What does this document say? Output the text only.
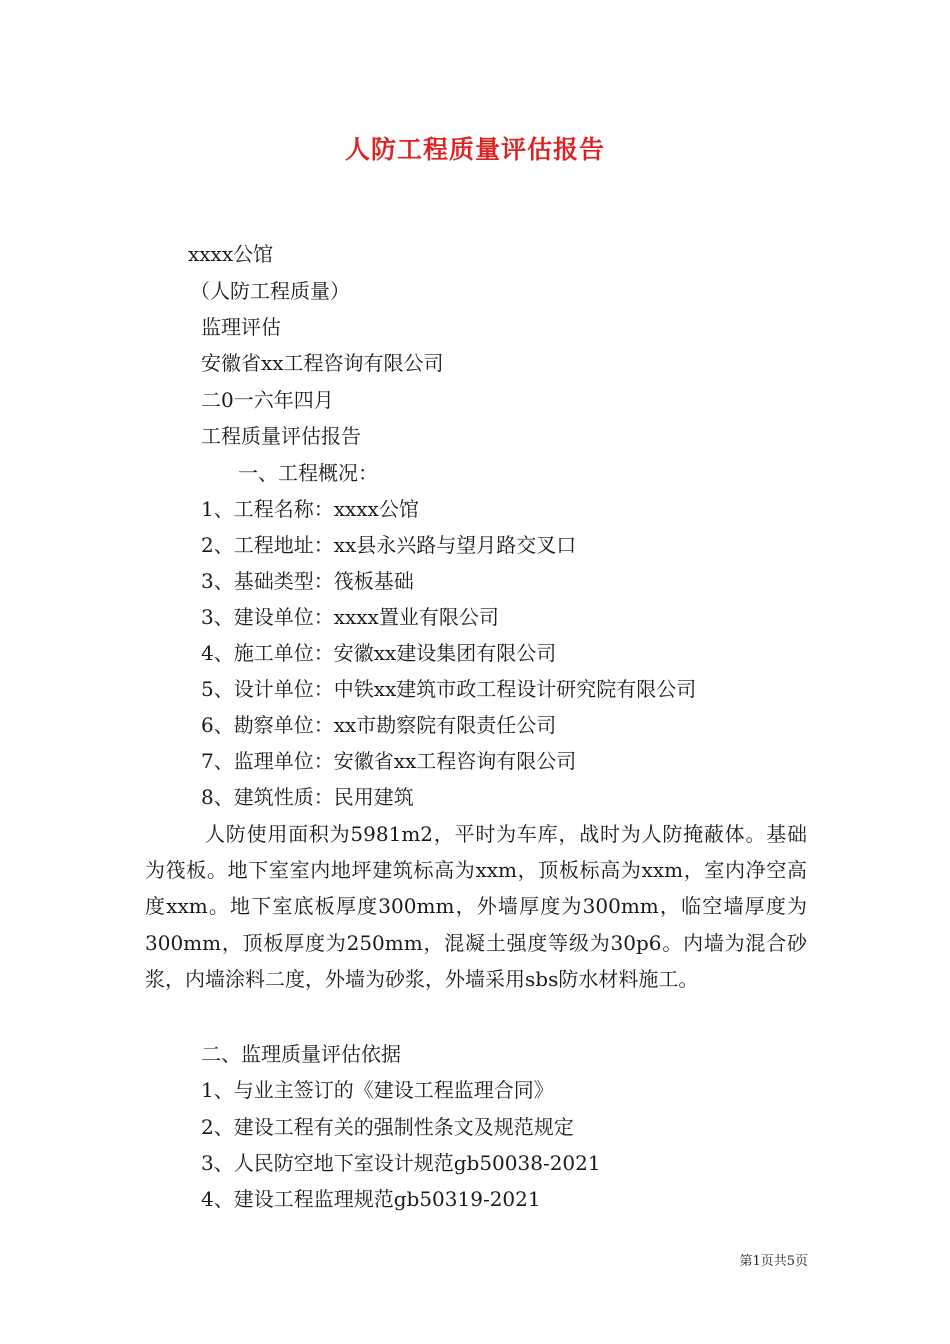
人防工程质量评估报告
xxxx公馆
（人防工程质量）
监理评估
安徽省xx工程咨询有限公司
二0一六年四月
工程质量评估报告
一、工程概况：
1、工程名称：xxxx公馆
2、工程地址：xx县永兴路与望月路交叉口
3、基础类型：筏板基础
3、建设单位：xxxx置业有限公司
4、施工单位：安徽xx建设集团有限公司
5、设计单位：中铁xx建筑市政工程设计研究院有限公司
6、勘察单位：xx市勘察院有限责任公司
7、监理单位：安徽省xx工程咨询有限公司
8、建筑性质：民用建筑

人防使用面积为5981m2，平时为车库，战时为人防掩蔽体。基础为筏板。地下室室内地坪建筑标高为xxm，顶板标高为xxm，室内净空高度xxm。地下室底板厚度300mm，外墙厚度为300mm，临空墙厚度为300mm，顶板厚度为250mm，混凝土强度等级为30p6。内墙为混合砂浆，内墙涂料二度，外墙为砂浆，外墙采用sbs防水材料施工。

二、监理质量评估依据
1、与业主签订的《建设工程监理合同》
2、建设工程有关的强制性条文及规范规定
3、人民防空地下室设计规范gb50038-2021
4、建设工程监理规范gb50319-2021
第1页共5页
